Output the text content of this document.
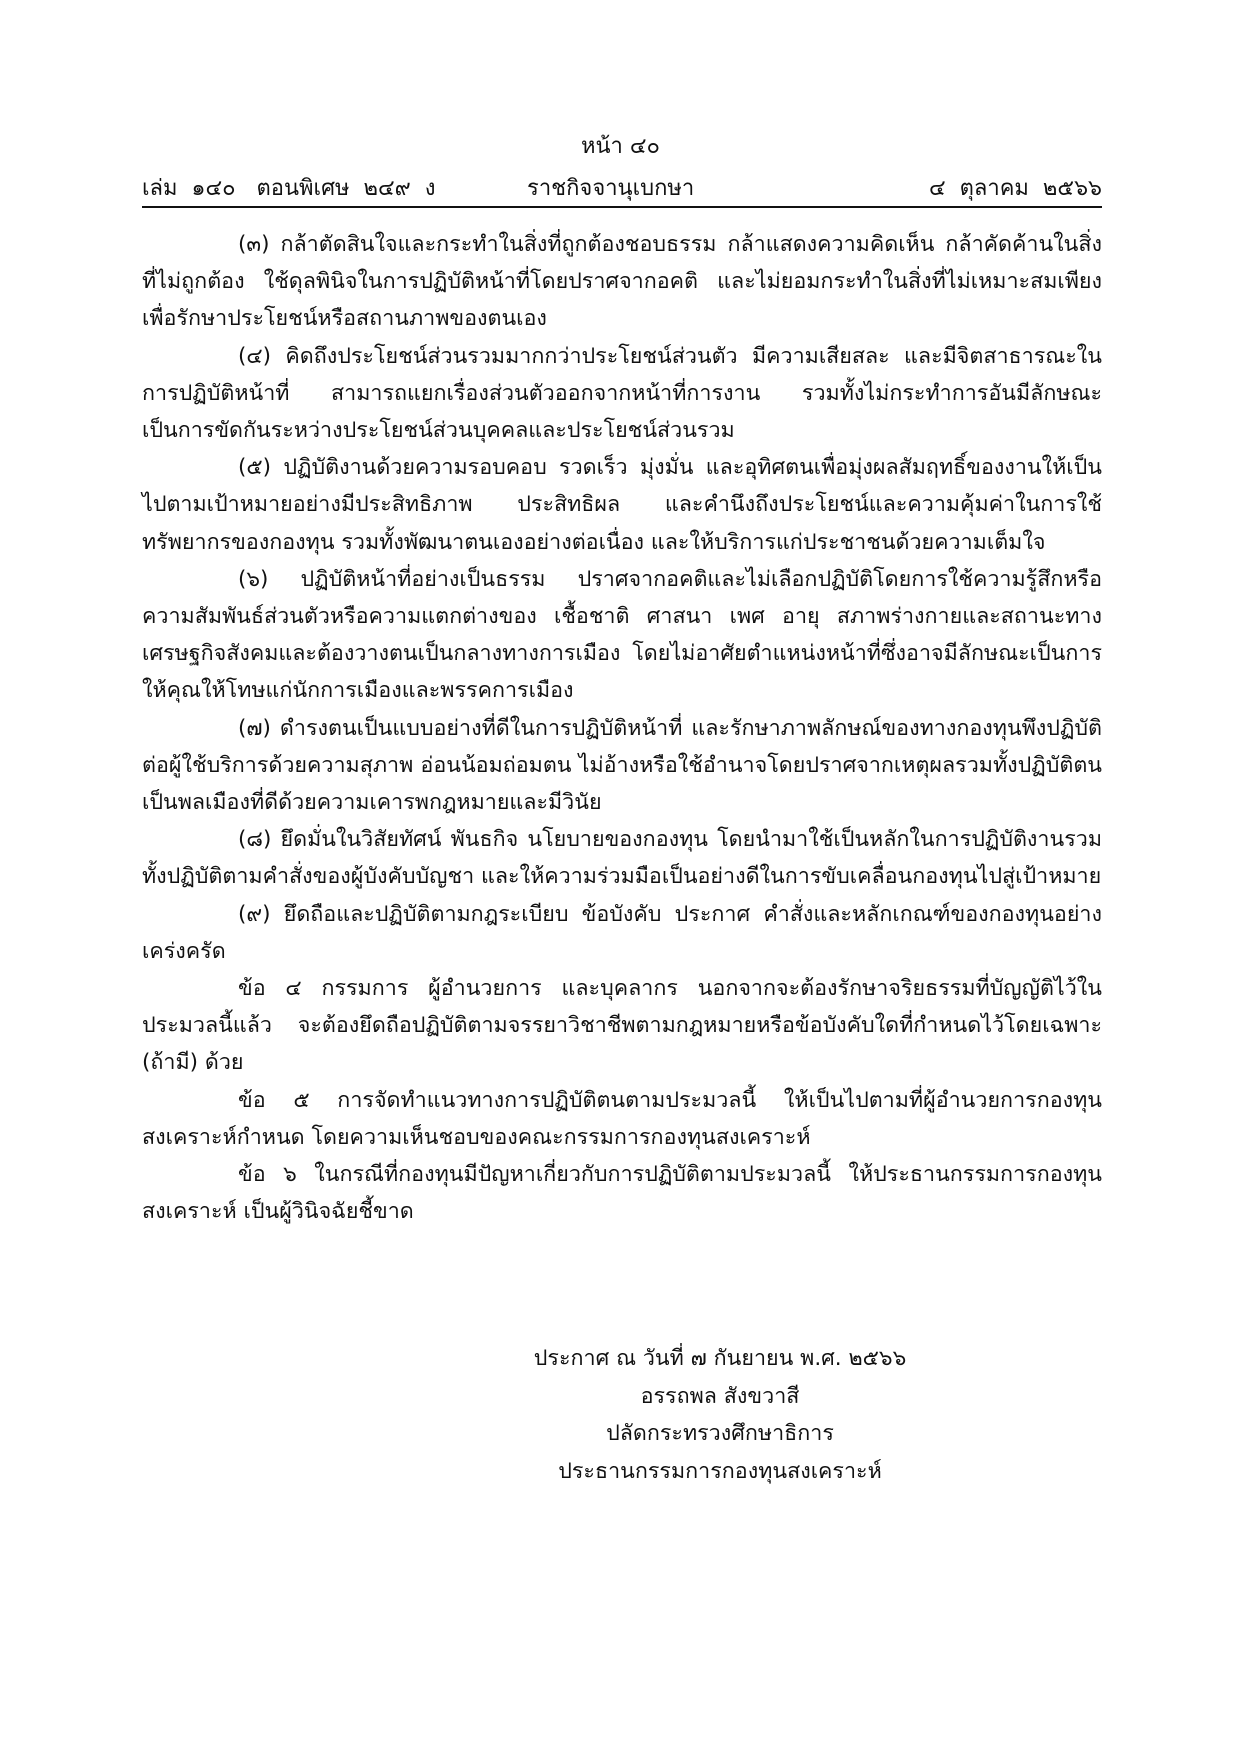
หน้า ๔๐
เล่ม  ๑๔๐   ตอนพิเศษ  ๒๔๙  ง	ราชกิจจานุเบกษา	๔  ตุลาคม  ๒๕๖๖

(๓) กล้าตัดสินใจและกระทำในสิ่งที่ถูกต้องชอบธรรม กล้าแสดงความคิดเห็น กล้าคัดค้านในสิ่งที่ไม่ถูกต้อง ใช้ดุลพินิจในการปฏิบัติหน้าที่โดยปราศจากอคติ และไม่ยอมกระทำในสิ่งที่ไม่เหมาะสมเพียงเพื่อรักษาประโยชน์หรือสถานภาพของตนเอง

(๔) คิดถึงประโยชน์ส่วนรวมมากกว่าประโยชน์ส่วนตัว มีความเสียสละ และมีจิตสาธารณะในการปฏิบัติหน้าที่ สามารถแยกเรื่องส่วนตัวออกจากหน้าที่การงาน รวมทั้งไม่กระทำการอันมีลักษณะเป็นการขัดกันระหว่างประโยชน์ส่วนบุคคลและประโยชน์ส่วนรวม

(๕) ปฏิบัติงานด้วยความรอบคอบ รวดเร็ว มุ่งมั่น และอุทิศตนเพื่อมุ่งผลสัมฤทธิ์ของงานให้เป็นไปตามเป้าหมายอย่างมีประสิทธิภาพ ประสิทธิผล และคำนึงถึงประโยชน์และความคุ้มค่าในการใช้ทรัพยากรของกองทุน รวมทั้งพัฒนาตนเองอย่างต่อเนื่อง และให้บริการแก่ประชาชนด้วยความเต็มใจ

(๖) ปฏิบัติหน้าที่อย่างเป็นธรรม ปราศจากอคติและไม่เลือกปฏิบัติโดยการใช้ความรู้สึกหรือความสัมพันธ์ส่วนตัวหรือความแตกต่างของ เชื้อชาติ ศาสนา เพศ อายุ สภาพร่างกายและสถานะทางเศรษฐกิจสังคมและต้องวางตนเป็นกลางทางการเมือง โดยไม่อาศัยตำแหน่งหน้าที่ซึ่งอาจมีลักษณะเป็นการให้คุณให้โทษแก่นักการเมืองและพรรคการเมือง

(๗) ดำรงตนเป็นแบบอย่างที่ดีในการปฏิบัติหน้าที่ และรักษาภาพลักษณ์ของทางกองทุนพึงปฏิบัติต่อผู้ใช้บริการด้วยความสุภาพ อ่อนน้อมถ่อมตน ไม่อ้างหรือใช้อำนาจโดยปราศจากเหตุผลรวมทั้งปฏิบัติตนเป็นพลเมืองที่ดีด้วยความเคารพกฎหมายและมีวินัย

(๘) ยึดมั่นในวิสัยทัศน์ พันธกิจ นโยบายของกองทุน โดยนำมาใช้เป็นหลักในการปฏิบัติงานรวมทั้งปฏิบัติตามคำสั่งของผู้บังคับบัญชา และให้ความร่วมมือเป็นอย่างดีในการขับเคลื่อนกองทุนไปสู่เป้าหมาย

(๙) ยึดถือและปฏิบัติตามกฎระเบียบ ข้อบังคับ ประกาศ คำสั่งและหลักเกณฑ์ของกองทุนอย่างเคร่งครัด

ข้อ ๔ กรรมการ ผู้อำนวยการ และบุคลากร นอกจากจะต้องรักษาจริยธรรมที่บัญญัติไว้ในประมวลนี้แล้ว จะต้องยึดถือปฏิบัติตามจรรยาวิชาชีพตามกฎหมายหรือข้อบังคับใดที่กำหนดไว้โดยเฉพาะ (ถ้ามี) ด้วย

ข้อ ๕ การจัดทำแนวทางการปฏิบัติตนตามประมวลนี้ ให้เป็นไปตามที่ผู้อำนวยการกองทุนสงเคราะห์กำหนด โดยความเห็นชอบของคณะกรรมการกองทุนสงเคราะห์

ข้อ ๖ ในกรณีที่กองทุนมีปัญหาเกี่ยวกับการปฏิบัติตามประมวลนี้ ให้ประธานกรรมการกองทุนสงเคราะห์ เป็นผู้วินิจฉัยชี้ขาด

ประกาศ ณ วันที่ ๗ กันยายน พ.ศ. ๒๕๖๖
อรรถพล สังขวาสี
ปลัดกระทรวงศึกษาธิการ
ประธานกรรมการกองทุนสงเคราะห์
